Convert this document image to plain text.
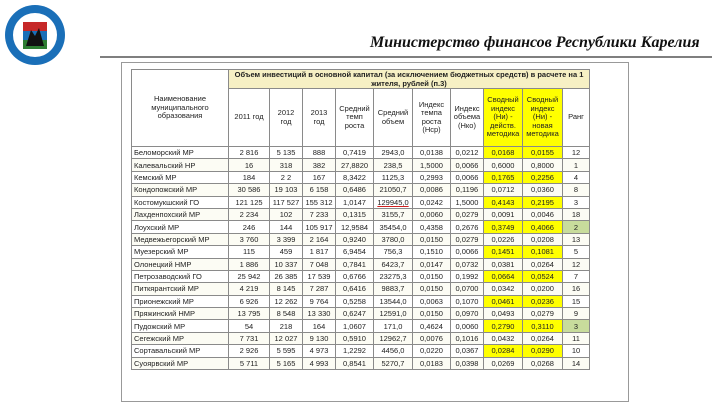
Министерство финансов Республики Карелия
Наименование муниципального образования	Объем инвестиций в основной капитал (за исключением бюджетных средств) в расчете на 1 жителя, рублей (п.3)									
	2011 год	2012 год	2013 год	Средний темп роста	Средний объем	Индекс темпа роста (Нср)	Индекс объема (Нко)	Сводный индекс (Ни) - действ. методика	Сводный индекс (Ни) - новая методика	Ранг
Беломорский МР	2 816	5 135	888	0,7419	2943,0	0,0138	0,0212	0,0168	0,0155	12
Калевальский НР	16	318	382	27,8820	238,5	1,5000	0,0066	0,6000	0,8000	1
Кемский МР	184	2 2	167	8,3422	1125,3	0,2993	0,0066	0,1765	0,2256	4
Кондопожский МР	30 586	19 103	6 158	0,6486	21050,7	0,0086	0,1196	0,0712	0,0360	8
Костомукшский ГО	121 125	117 527	155 312	1,0147	129945,0	0,0242	1,5000	0,4143	0,2195	3
Лахденпохский МР	2 234	102	7 233	0,1315	3155,7	0,0060	0,0279	0,0091	0,0046	18
Лоухский МР	246	144	105 917	12,9584	35454,0	0,4358	0,2676	0,3749	0,4066	2
Медвежьегорский МР	3 760	3 399	2 164	0,9240	3780,0	0,0150	0,0279	0,0226	0,0208	13
Муезерский МР	115	459	1 817	6,9454	756,3	0,1510	0,0066	0,1451	0,1081	5
Олонецкий НМР	1 886	10 337	7 048	0,7841	6423,7	0,0147	0,0732	0,0381	0,0264	12
Петрозаводский ГО	25 942	26 385	17 539	0,6766	23275,3	0,0150	0,1992	0,0664	0,0524	7
Питкярантский МР	4 219	8 145	7 287	0,6416	9883,7	0,0150	0,0700	0,0342	0,0200	16
Прионежский МР	6 926	12 262	9 764	0,5258	13544,0	0,0063	0,1070	0,0461	0,0236	15
Пряжинский НМР	13 795	8 548	13 330	0,6247	12591,0	0,0150	0,0970	0,0493	0,0279	9
Пудожский МР	54	218	164	1,0607	171,0	0,4624	0,0060	0,2790	0,3110	3
Сегежский МР	7 731	12 027	9 130	0,5910	12962,7	0,0076	0,1016	0,0432	0,0264	11
Сортавальский МР	2 926	5 595	4 973	1,2292	4456,0	0,0220	0,0367	0,0284	0,0290	10
Суоярвский МР	5 711	5 165	4 993	0,8541	5270,7	0,0183	0,0398	0,0269	0,0268	14
